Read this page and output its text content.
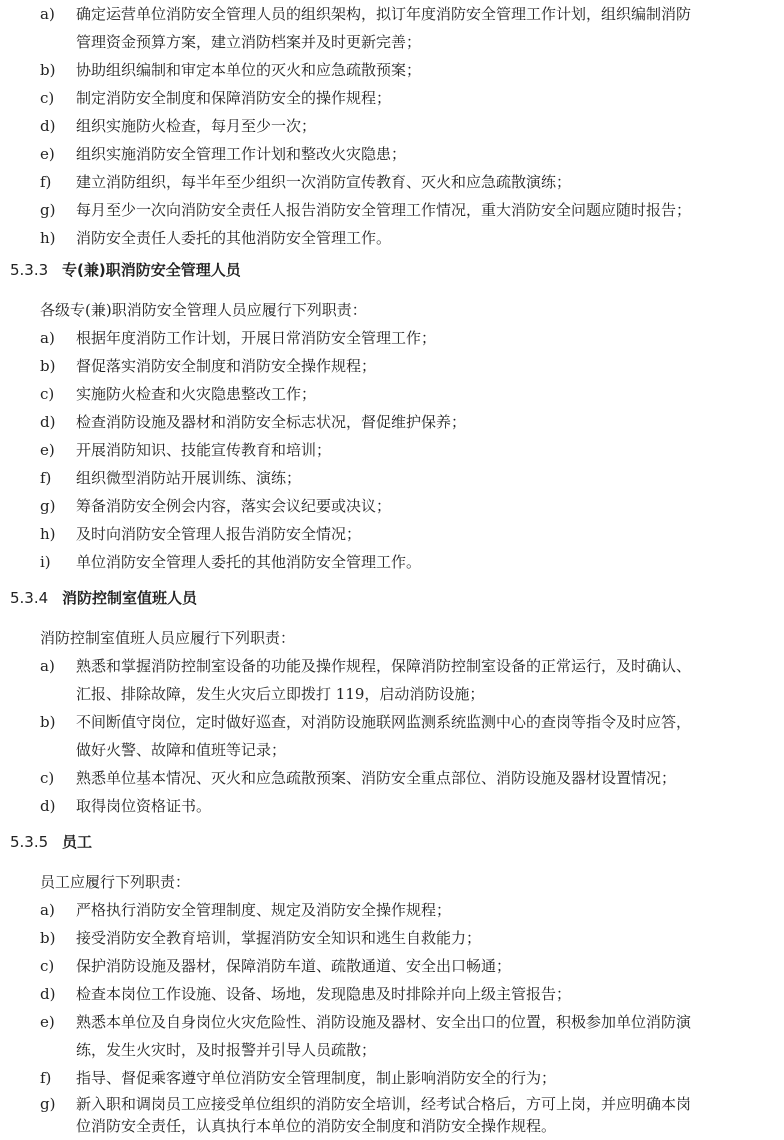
a) 确定运营单位消防安全管理人员的组织架构，拟订年度消防安全管理工作计划，组织编制消防
管理资金预算方案，建立消防档案并及时更新完善；
b) 协助组织编制和审定本单位的灭火和应急疏散预案；
c) 制定消防安全制度和保障消防安全的操作规程；
d) 组织实施防火检查，每月至少一次；
e) 组织实施消防安全管理工作计划和整改火灾隐患；
f) 建立消防组织，每半年至少组织一次消防宣传教育、灭火和应急疏散演练；
g) 每月至少一次向消防安全责任人报告消防安全管理工作情况，重大消防安全问题应随时报告；
h) 消防安全责任人委托的其他消防安全管理工作。
5.3.3 专(兼)职消防安全管理人员
各级专(兼)职消防安全管理人员应履行下列职责：
a) 根据年度消防工作计划，开展日常消防安全管理工作；
b) 督促落实消防安全制度和消防安全操作规程；
c) 实施防火检查和火灾隐患整改工作；
d) 检查消防设施及器材和消防安全标志状况，督促维护保养；
e) 开展消防知识、技能宣传教育和培训；
f) 组织微型消防站开展训练、演练；
g) 筹备消防安全例会内容，落实会议纪要或决议；
h) 及时向消防安全管理人报告消防安全情况；
i) 单位消防安全管理人委托的其他消防安全管理工作。
5.3.4 消防控制室值班人员
消防控制室值班人员应履行下列职责：
a) 熟悉和掌握消防控制室设备的功能及操作规程，保障消防控制室设备的正常运行，及时确认、
汇报、排除故障，发生火灾后立即拨打 119，启动消防设施；
b) 不间断值守岗位，定时做好巡查，对消防设施联网监测系统监测中心的查岗等指令及时应答，
做好火警、故障和值班等记录；
c) 熟悉单位基本情况、灭火和应急疏散预案、消防安全重点部位、消防设施及器材设置情况；
d) 取得岗位资格证书。
5.3.5 员工
员工应履行下列职责：
a) 严格执行消防安全管理制度、规定及消防安全操作规程；
b) 接受消防安全教育培训，掌握消防安全知识和逃生自救能力；
c) 保护消防设施及器材，保障消防车道、疏散通道、安全出口畅通；
d) 检查本岗位工作设施、设备、场地，发现隐患及时排除并向上级主管报告；
e) 熟悉本单位及自身岗位火灾危险性、消防设施及器材、安全出口的位置，积极参加单位消防演
练，发生火灾时，及时报警并引导人员疏散；
f) 指导、督促乘客遵守单位消防安全管理制度，制止影响消防安全的行为；
g) 新入职和调岗员工应接受单位组织的消防安全培训，经考试合格后，方可上岗，并应明确本岗
位消防安全责任，认真执行本单位的消防安全制度和消防安全操作规程。
